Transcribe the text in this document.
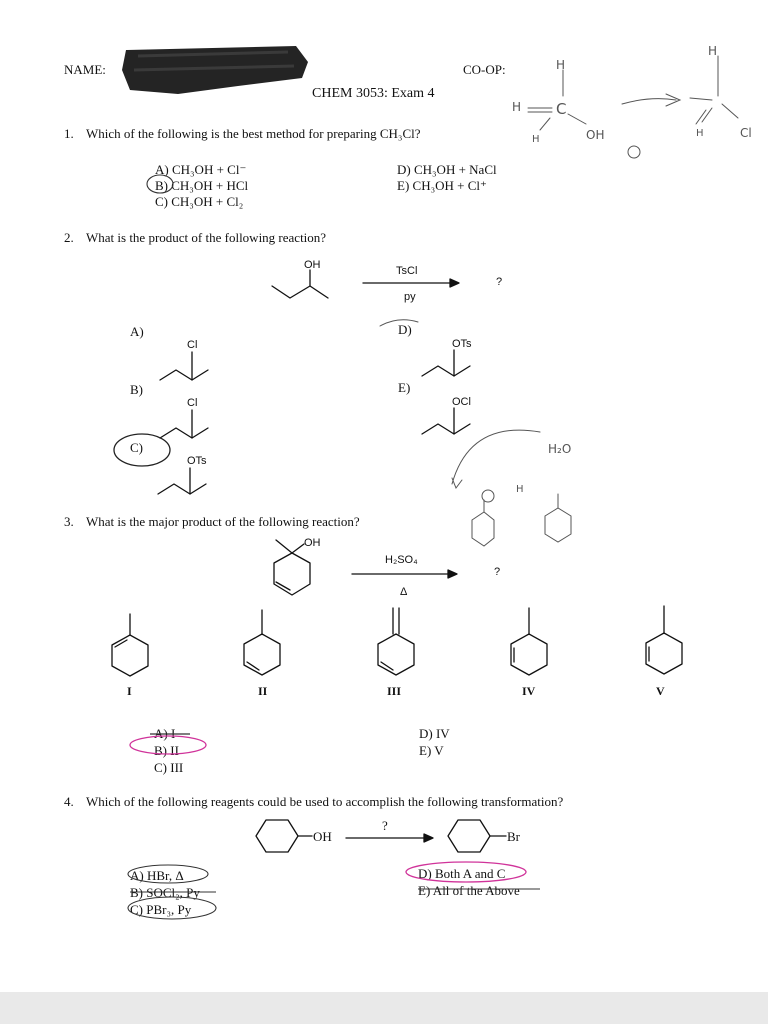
NAME:	CO-OP:
CHEM 3053: Exam 4
1. Which of the following is the best method for preparing CH₃Cl?
A) CH₃OH + Cl⁻
B) CH₃OH + HCl
C) CH₃OH + Cl₂
D) CH₃OH + NaCl
E) CH₃OH + Cl⁺
H
H C
H	OH
H
H	Cl
2. What is the product of the following reaction?
OH	TsCl
py
?
A)
B)
C)
D)
E)
Cl
Cl
OTs
OTs
OCl
H₂O
H
3. What is the major product of the following reaction?
OH
H₂SO₄
Δ
?
I	II	III	IV	V
A) I
B) II
C) III
D) IV
E) V
4. Which of the following reagents could be used to accomplish the following transformation?
OH
?
Br
A) HBr, Δ
B) SOCl₂, Py
C) PBr₃, Py
D) Both A and C
E) All of the Above
